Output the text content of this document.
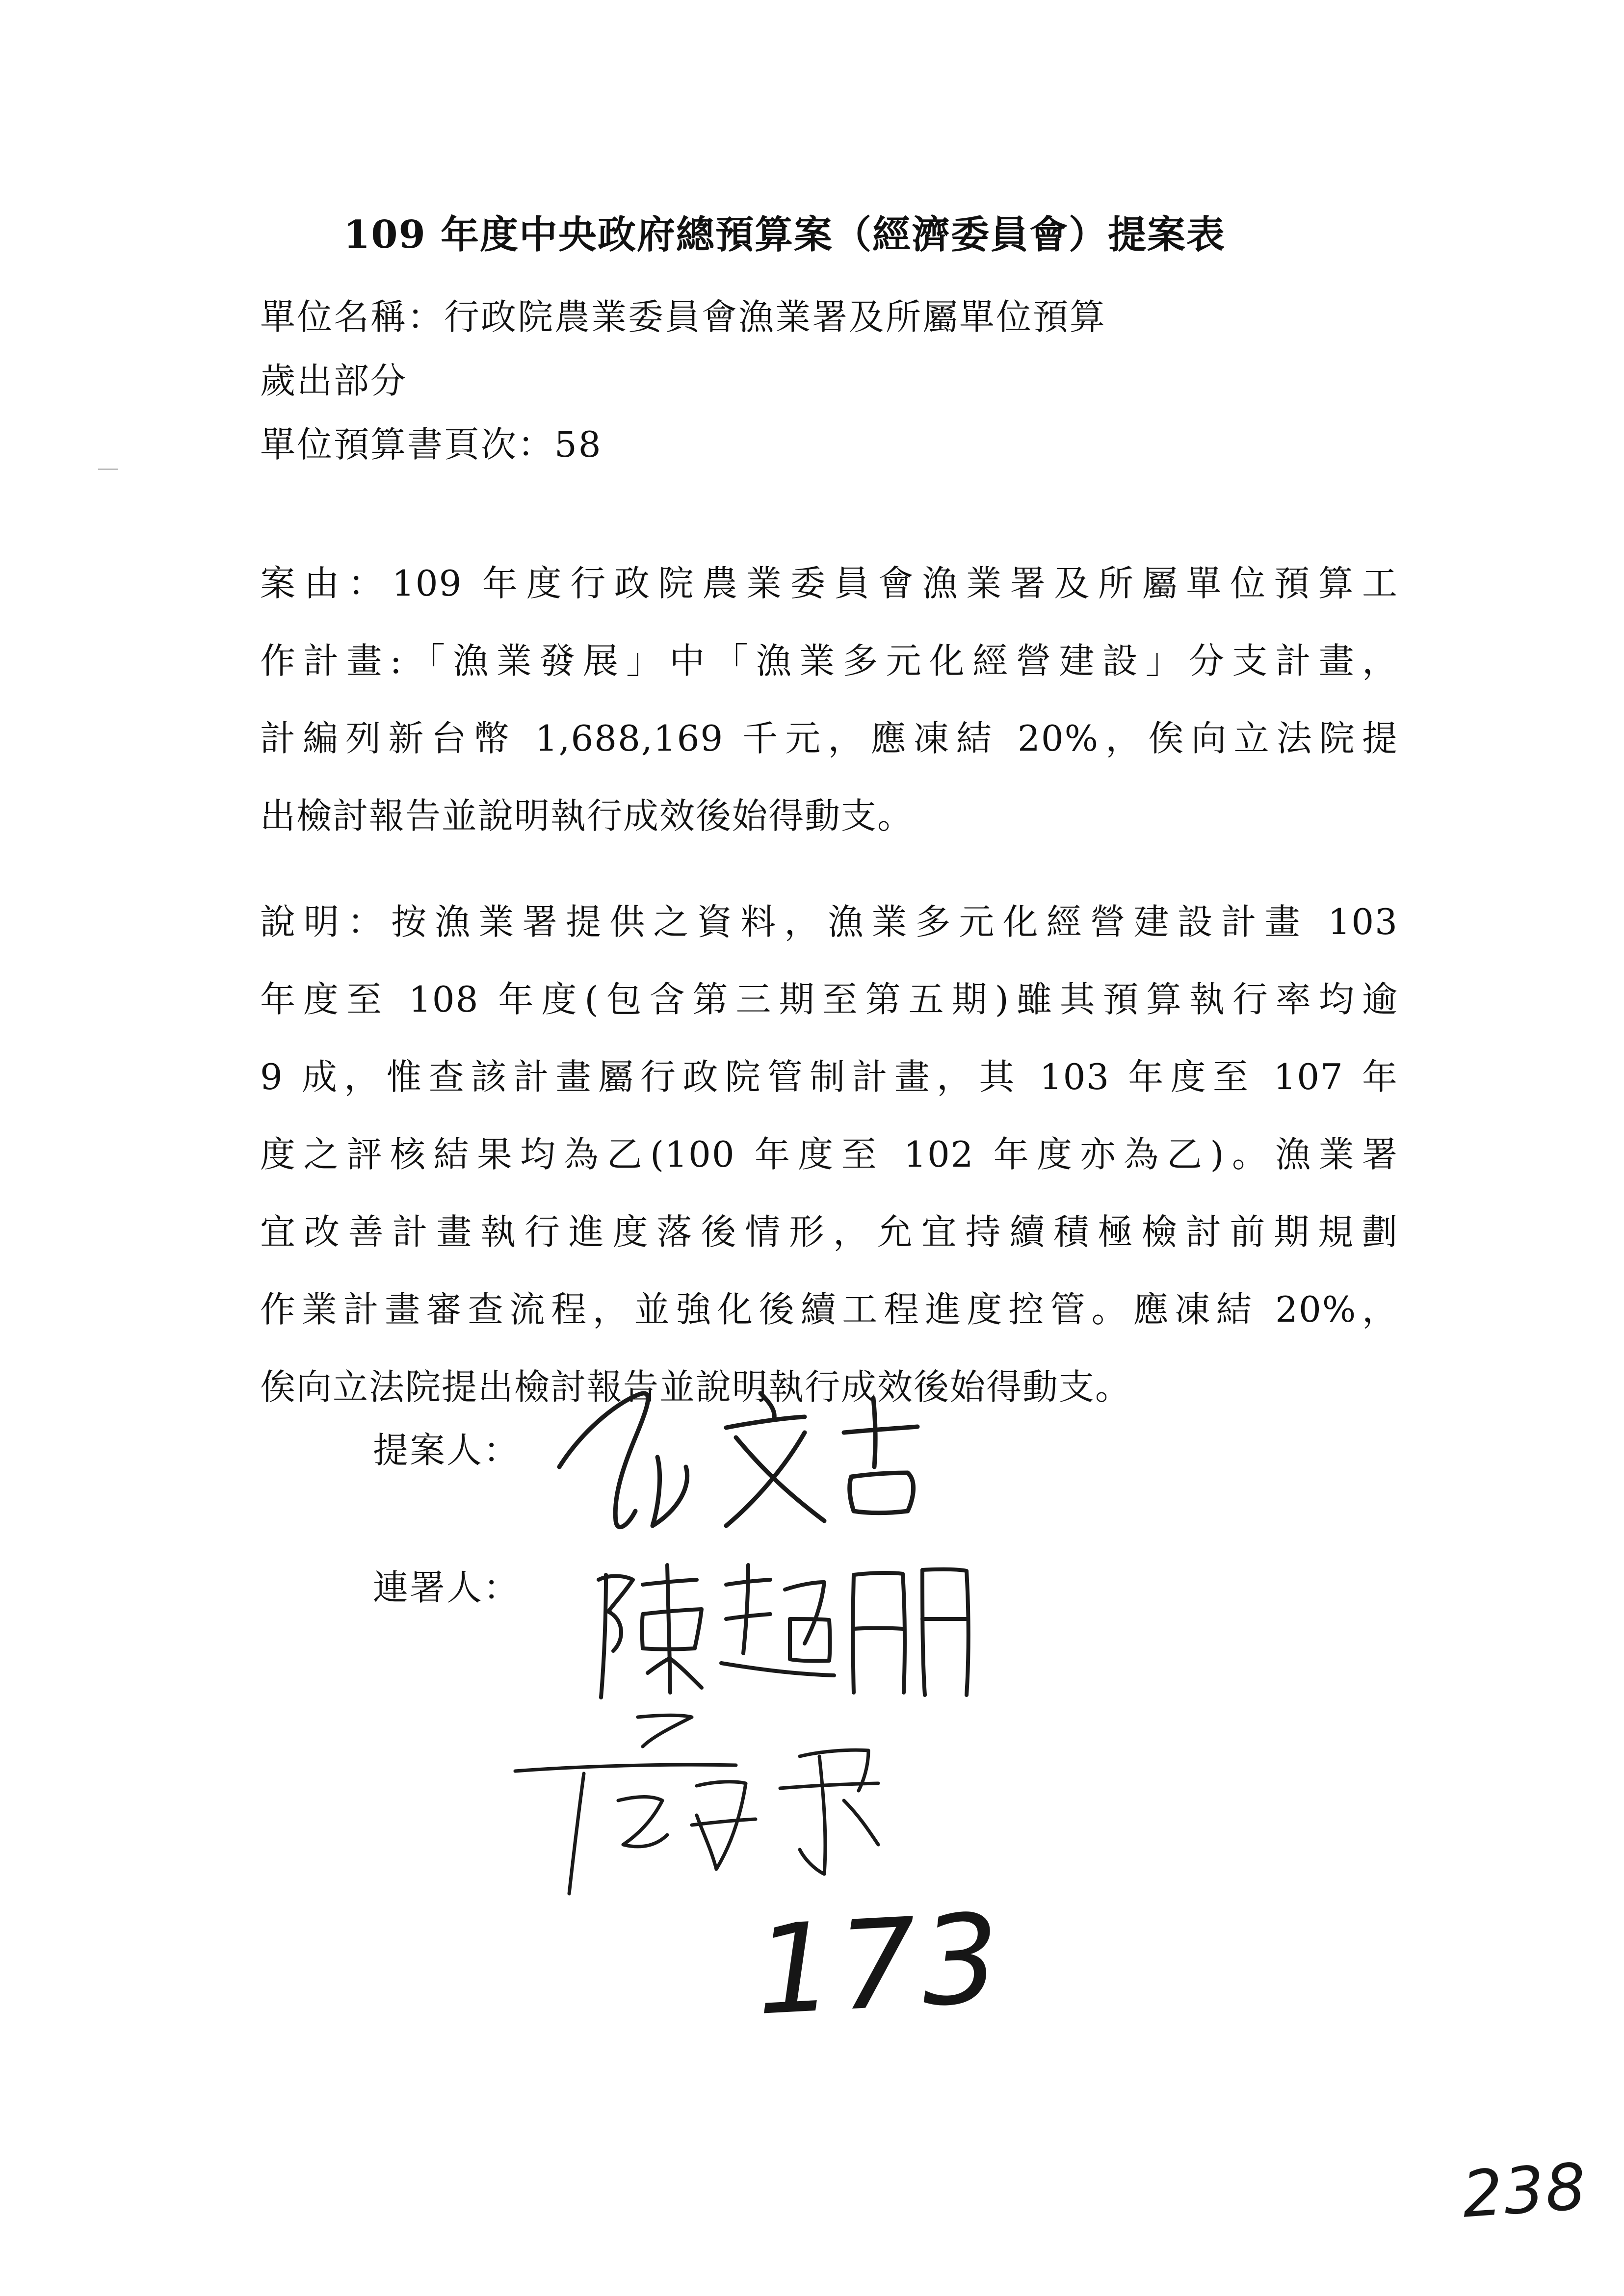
109 年度中央政府總預算案（經濟委員會）提案表
單位名稱：行政院農業委員會漁業署及所屬單位預算
歲出部分
單位預算書頁次：58
案由：109 年度行政院農業委員會漁業署及所屬單位預算工
作計畫:「漁業發展」中「漁業多元化經營建設」分支計畫，
計編列新台幣 1,688,169 千元，應凍結 20%，俟向立法院提
出檢討報告並說明執行成效後始得動支。
說明：按漁業署提供之資料，漁業多元化經營建設計畫 103
年度至 108 年度(包含第三期至第五期)雖其預算執行率均逾
9 成，惟查該計畫屬行政院管制計畫，其 103 年度至 107 年
度之評核結果均為乙(100 年度至 102 年度亦為乙)。漁業署
宜改善計畫執行進度落後情形，允宜持續積極檢討前期規劃
作業計畫審查流程，並強化後續工程進度控管。應凍結 20%，
俟向立法院提出檢討報告並說明執行成效後始得動支。
提案人：
連署人：
173
238
